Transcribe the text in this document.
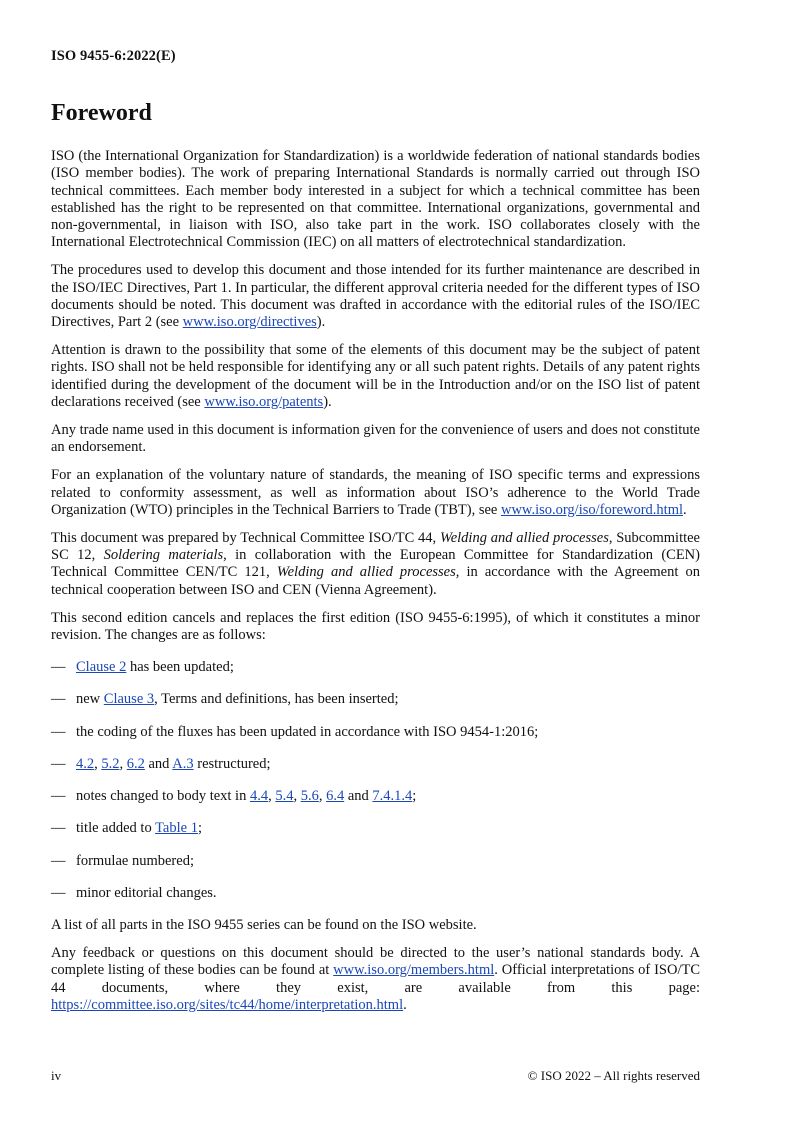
ISO 9455-6:2022(E)
Foreword

ISO (the International Organization for Standardization) is a worldwide federation of national standards bodies (ISO member bodies). The work of preparing International Standards is normally carried out through ISO technical committees. Each member body interested in a subject for which a technical committee has been established has the right to be represented on that committee. International organizations, governmental and non-governmental, in liaison with ISO, also take part in the work. ISO collaborates closely with the International Electrotechnical Commission (IEC) on all matters of electrotechnical standardization.

The procedures used to develop this document and those intended for its further maintenance are described in the ISO/IEC Directives, Part 1. In particular, the different approval criteria needed for the different types of ISO documents should be noted. This document was drafted in accordance with the editorial rules of the ISO/IEC Directives, Part 2 (see www.iso.org/directives).

Attention is drawn to the possibility that some of the elements of this document may be the subject of patent rights. ISO shall not be held responsible for identifying any or all such patent rights. Details of any patent rights identified during the development of the document will be in the Introduction and/or on the ISO list of patent declarations received (see www.iso.org/patents).

Any trade name used in this document is information given for the convenience of users and does not constitute an endorsement.

For an explanation of the voluntary nature of standards, the meaning of ISO specific terms and expressions related to conformity assessment, as well as information about ISO’s adherence to the World Trade Organization (WTO) principles in the Technical Barriers to Trade (TBT), see www.iso.org/iso/foreword.html.

This document was prepared by Technical Committee ISO/TC 44, Welding and allied processes, Subcommittee SC 12, Soldering materials, in collaboration with the European Committee for Standardization (CEN) Technical Committee CEN/TC 121, Welding and allied processes, in accordance with the Agreement on technical cooperation between ISO and CEN (Vienna Agreement).

This second edition cancels and replaces the first edition (ISO 9455-6:1995), of which it constitutes a minor revision. The changes are as follows:

— Clause 2 has been updated;
— new Clause 3, Terms and definitions, has been inserted;
— the coding of the fluxes has been updated in accordance with ISO 9454-1:2016;
— 4.2, 5.2, 6.2 and A.3 restructured;
— notes changed to body text in 4.4, 5.4, 5.6, 6.4 and 7.4.1.4;
— title added to Table 1;
— formulae numbered;
— minor editorial changes.

A list of all parts in the ISO 9455 series can be found on the ISO website.

Any feedback or questions on this document should be directed to the user’s national standards body. A complete listing of these bodies can be found at www.iso.org/members.html. Official interpretations of ISO/TC 44 documents, where they exist, are available from this page: https://committee.iso.org/sites/tc44/home/interpretation.html.

iv	© ISO 2022 – All rights reserved
